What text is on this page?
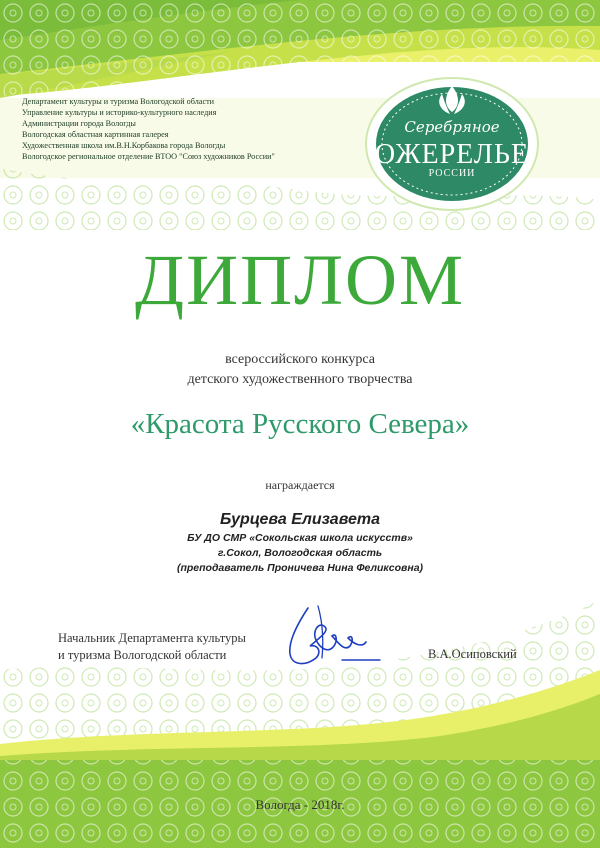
Департамент культуры и туризма Вологодской области
Управление культуры и историко-культурного наследия
Администрации города Вологды
Вологодская областная картинная галерея
Художественная школа им.В.Н.Корбакова города Вологды
Вологодское региональное отделение ВТОО "Союз художников России"
Серебряное
ОЖЕРЕЛЬЕ
РОССИИ
ДИПЛОМ
всероссийского конкурса
детского художественного творчества
«Красота Русского Севера»
награждается
Бурцева Елизавета
БУ ДО СМР «Сокольская школа искусств»
г.Сокол, Вологодская область
(преподаватель Проничева Нина Феликсовна)
Начальник Департамента культуры
и туризма Вологодской области	В.А.Осиповский
Вологда - 2018г.
